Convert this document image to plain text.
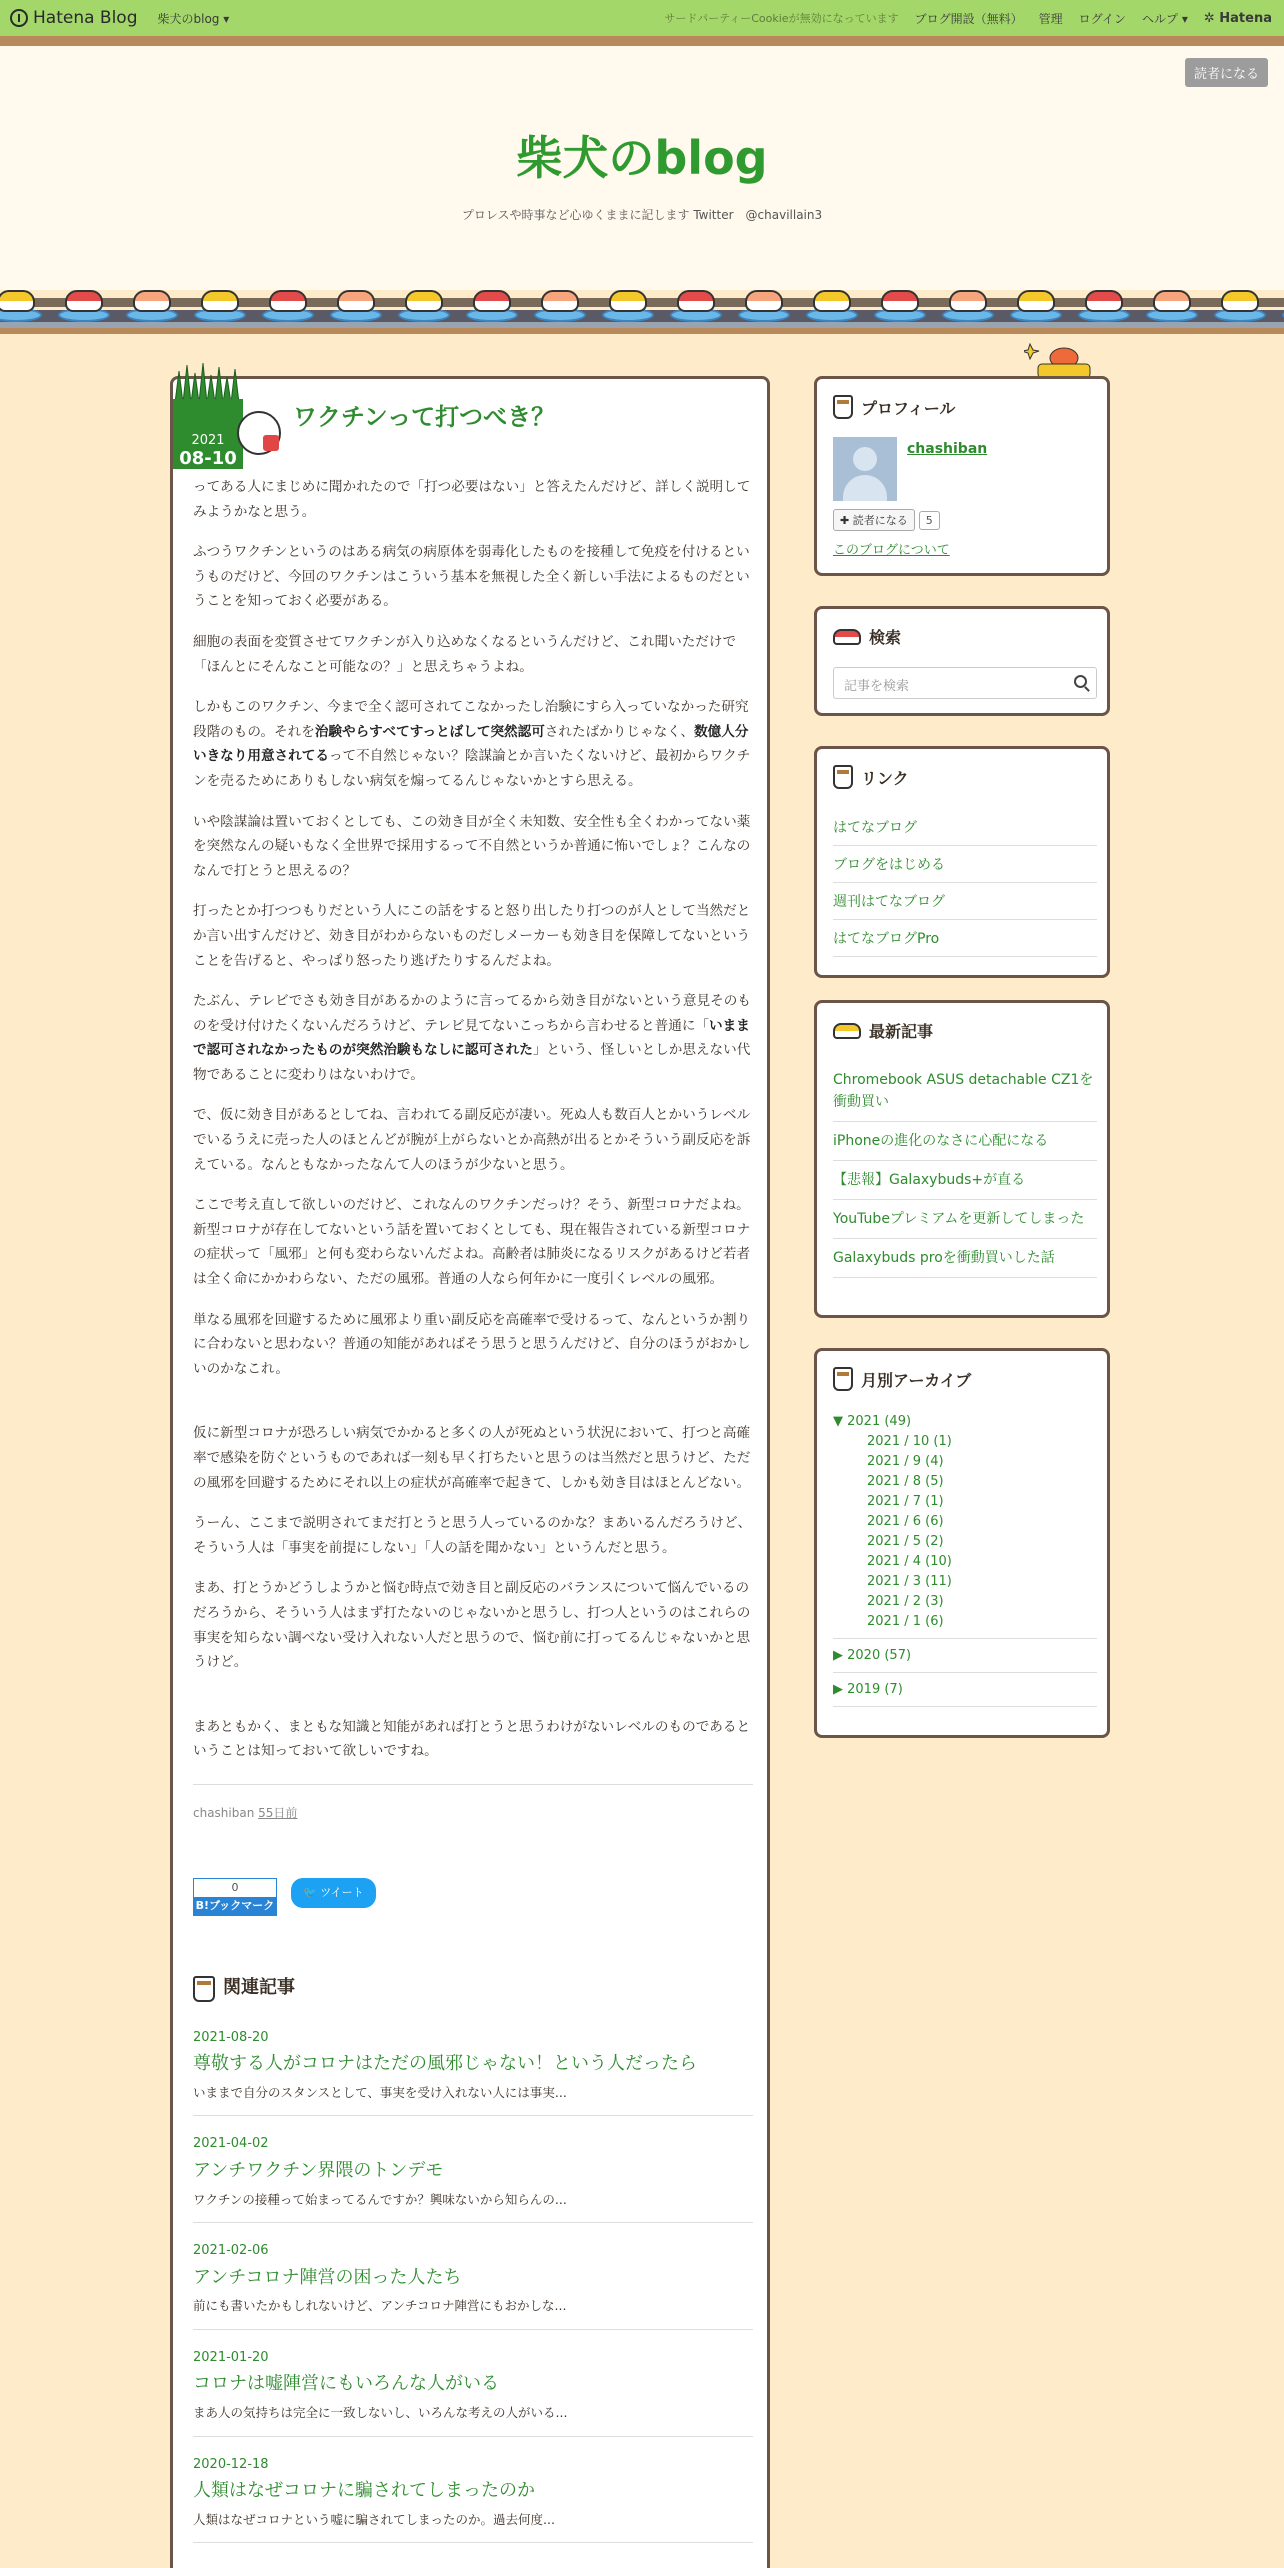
Hatena Blog 柴犬のblog ▾	サードパーティーCookieが無効になっています ブログ開設（無料） 管理 ログイン ヘルプ ▾ ✲ Hatena
読者になる
柴犬のblog
プロレスや時事など心ゆくままに記します Twitter　@chavillain3
2021
08-10
ワクチンって打つべき？

ってある人にまじめに聞かれたので「打つ必要はない」と答えたんだけど、詳しく説明してみようかなと思う。

ふつうワクチンというのはある病気の病原体を弱毒化したものを接種して免疫を付けるというものだけど、今回のワクチンはこういう基本を無視した全く新しい手法によるものだということを知っておく必要がある。

細胞の表面を変質させてワクチンが入り込めなくなるというんだけど、これ聞いただけで「ほんとにそんなこと可能なの？」と思えちゃうよね。

しかもこのワクチン、今まで全く認可されてこなかったし治験にすら入っていなかった研究段階のもの。それを治験やらすべてすっとばして突然認可されたばかりじゃなく、数億人分いきなり用意されてるって不自然じゃない？陰謀論とか言いたくないけど、最初からワクチンを売るためにありもしない病気を煽ってるんじゃないかとすら思える。

いや陰謀論は置いておくとしても、この効き目が全く未知数、安全性も全くわかってない薬を突然なんの疑いもなく全世界で採用するって不自然というか普通に怖いでしょ？こんなのなんで打とうと思えるの？

打ったとか打つつもりだという人にこの話をすると怒り出したり打つのが人として当然だとか言い出すんだけど、効き目がわからないものだしメーカーも効き目を保障してないということを告げると、やっぱり怒ったり逃げたりするんだよね。

たぶん、テレビでさも効き目があるかのように言ってるから効き目がないという意見そのものを受け付けたくないんだろうけど、テレビ見てないこっちから言わせると普通に「いままで認可されなかったものが突然治験もなしに認可された」という、怪しいとしか思えない代物であることに変わりはないわけで。

で、仮に効き目があるとしてね、言われてる副反応が凄い。死ぬ人も数百人とかいうレベルでいるうえに売った人のほとんどが腕が上がらないとか高熱が出るとかそういう副反応を訴えている。なんともなかったなんて人のほうが少ないと思う。

ここで考え直して欲しいのだけど、これなんのワクチンだっけ？そう、新型コロナだよね。新型コロナが存在してないという話を置いておくとしても、現在報告されている新型コロナの症状って「風邪」と何も変わらないんだよね。高齢者は肺炎になるリスクがあるけど若者は全く命にかかわらない、ただの風邪。普通の人なら何年かに一度引くレベルの風邪。

単なる風邪を回避するために風邪より重い副反応を高確率で受けるって、なんというか割りに合わないと思わない？普通の知能があればそう思うと思うんだけど、自分のほうがおかしいのかなこれ。

仮に新型コロナが恐ろしい病気でかかると多くの人が死ぬという状況において、打つと高確率で感染を防ぐというものであれば一刻も早く打ちたいと思うのは当然だと思うけど、ただの風邪を回避するためにそれ以上の症状が高確率で起きて、しかも効き目はほとんどない。

うーん、ここまで説明されてまだ打とうと思う人っているのかな？まあいるんだろうけど、そういう人は「事実を前提にしない」「人の話を聞かない」というんだと思う。

まあ、打とうかどうしようかと悩む時点で効き目と副反応のバランスについて悩んでいるのだろうから、そういう人はまず打たないのじゃないかと思うし、打つ人というのはこれらの事実を知らない調べない受け入れない人だと思うので、悩む前に打ってるんじゃないかと思うけど。

まあともかく、まともな知識と知能があれば打とうと思うわけがないレベルのものであるということは知っておいて欲しいですね。

chashiban 55日前
0
B!ブックマーク
🐦 ツイート
関連記事
2021-08-20
尊敬する人がコロナはただの風邪じゃない！という人だったら
いままで自分のスタンスとして、事実を受け入れない人には事実...
2021-04-02
アンチワクチン界隈のトンデモ
ワクチンの接種って始まってるんですか？興味ないから知らんの...
2021-02-06
アンチコロナ陣営の困った人たち
前にも書いたかもしれないけど、アンチコロナ陣営にもおかしな...
2021-01-20
コロナは嘘陣営にもいろんな人がいる
まあ人の気持ちは完全に一致しないし、いろんな考えの人がいる...
2020-12-18
人類はなぜコロナに騙されてしまったのか
人類はなぜコロナという嘘に騙されてしまったのか。過去何度...
プロフィール
chashiban
✚ 読者になる	5
このブログについて
検索
記事を検索
リンク
はてなブログ
ブログをはじめる
週刊はてなブログ
はてなブログPro
最新記事
Chromebook ASUS detachable CZ1を衝動買い
iPhoneの進化のなさに心配になる
【悲報】Galaxybuds+が直る
YouTubeプレミアムを更新してしまった
Galaxybuds proを衝動買いした話
月別アーカイブ
▼ 2021 (49)
2021 / 10 (1)
2021 / 9 (4)
2021 / 8 (5)
2021 / 7 (1)
2021 / 6 (6)
2021 / 5 (2)
2021 / 4 (10)
2021 / 3 (11)
2021 / 2 (3)
2021 / 1 (6)
▶ 2020 (57)
▶ 2019 (7)
